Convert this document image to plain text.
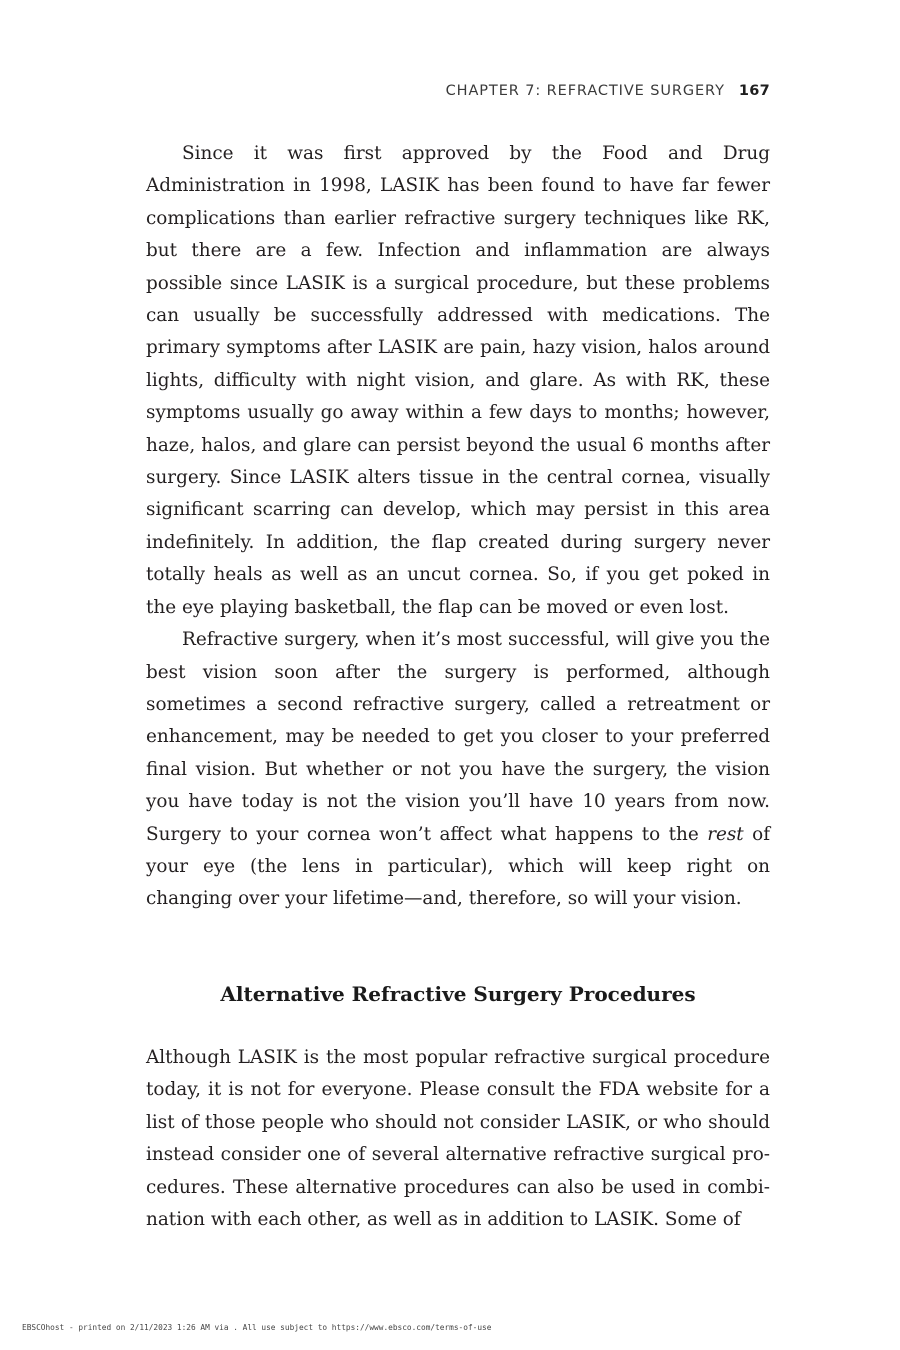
CHAPTER 7: REFRACTIVE SURGERY 167

Since it was first approved by the Food and Drug Administration in 1998, LASIK has been found to have far fewer complications than earlier refractive surgery techniques like RK, but there are a few. Infection and inflammation are always possible since LASIK is a surgical procedure, but these problems can usually be successfully addressed with medications. The primary symptoms after LASIK are pain, hazy vision, halos around lights, difficulty with night vision, and glare. As with RK, these symptoms usually go away within a few days to months; however, haze, halos, and glare can persist beyond the usual 6 months after surgery. Since LASIK alters tissue in the central cornea, visually significant scarring can develop, which may persist in this area indefinitely. In addition, the flap created during surgery never totally heals as well as an uncut cornea. So, if you get poked in the eye playing basketball, the flap can be moved or even lost.

Refractive surgery, when it’s most successful, will give you the best vision soon after the surgery is performed, although sometimes a second refractive surgery, called a retreatment or enhancement, may be needed to get you closer to your preferred final vision. But whether or not you have the surgery, the vision you have today is not the vision you’ll have 10 years from now. Surgery to your cornea won’t affect what happens to the rest of your eye (the lens in particular), which will keep right on changing over your lifetime—and, therefore, so will your vision.

Alternative Refractive Surgery Procedures

Although LASIK is the most popular refractive surgical procedure today, it is not for everyone. Please consult the FDA website for a list of those people who should not consider LASIK, or who should instead consider one of several alternative refractive surgical procedures. These alternative procedures can also be used in combination with each other, as well as in addition to LASIK. Some of

EBSCOhost - printed on 2/11/2023 1:26 AM via . All use subject to https://www.ebsco.com/terms-of-use
